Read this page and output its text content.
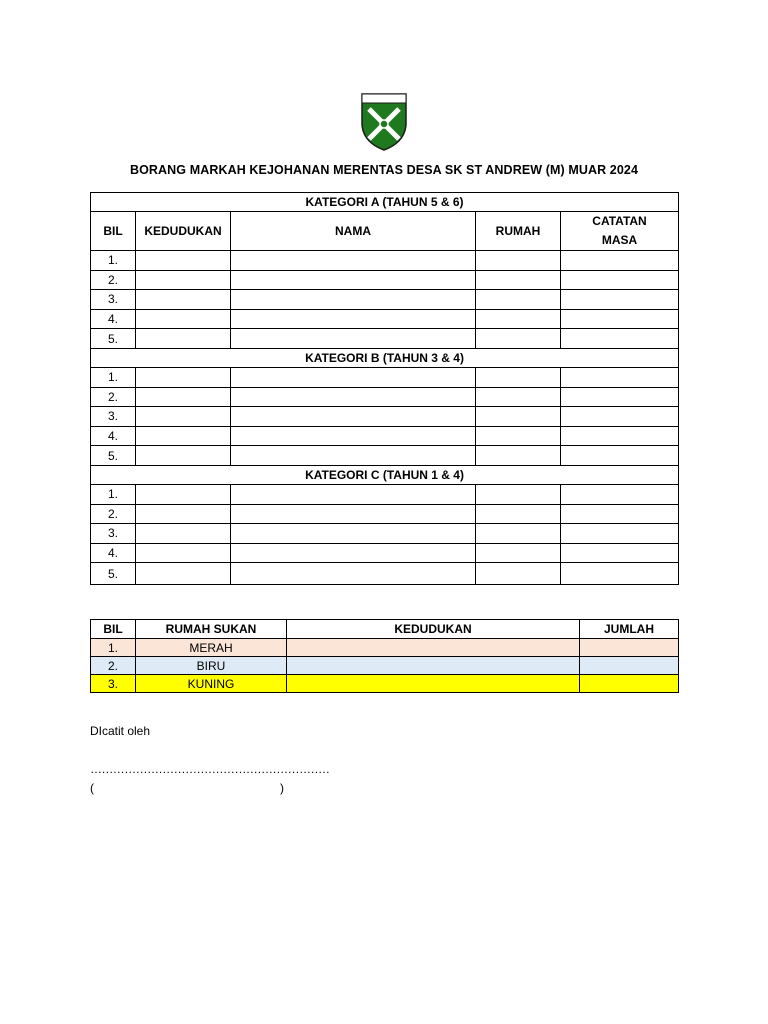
BORANG MARKAH KEJOHANAN MERENTAS DESA SK ST ANDREW (M) MUAR 2024
KATEGORI A (TAHUN 5 & 6)				
BIL	KEDUDUKAN	NAMA	RUMAH	CATATAN
MASA
1.				
2.				
3.				
4.				
5.				
KATEGORI B (TAHUN 3 & 4)				
1.				
2.				
3.				
4.				
5.				
KATEGORI C (TAHUN 1 & 4)				
1.				
2.				
3.				
4.				
5.				
BIL	RUMAH SUKAN	KEDUDUKAN	JUMLAH
1.	MERAH		
2.	BIRU		
3.	KUNING		
DIcatit oleh
………………………………………………………
(	)
